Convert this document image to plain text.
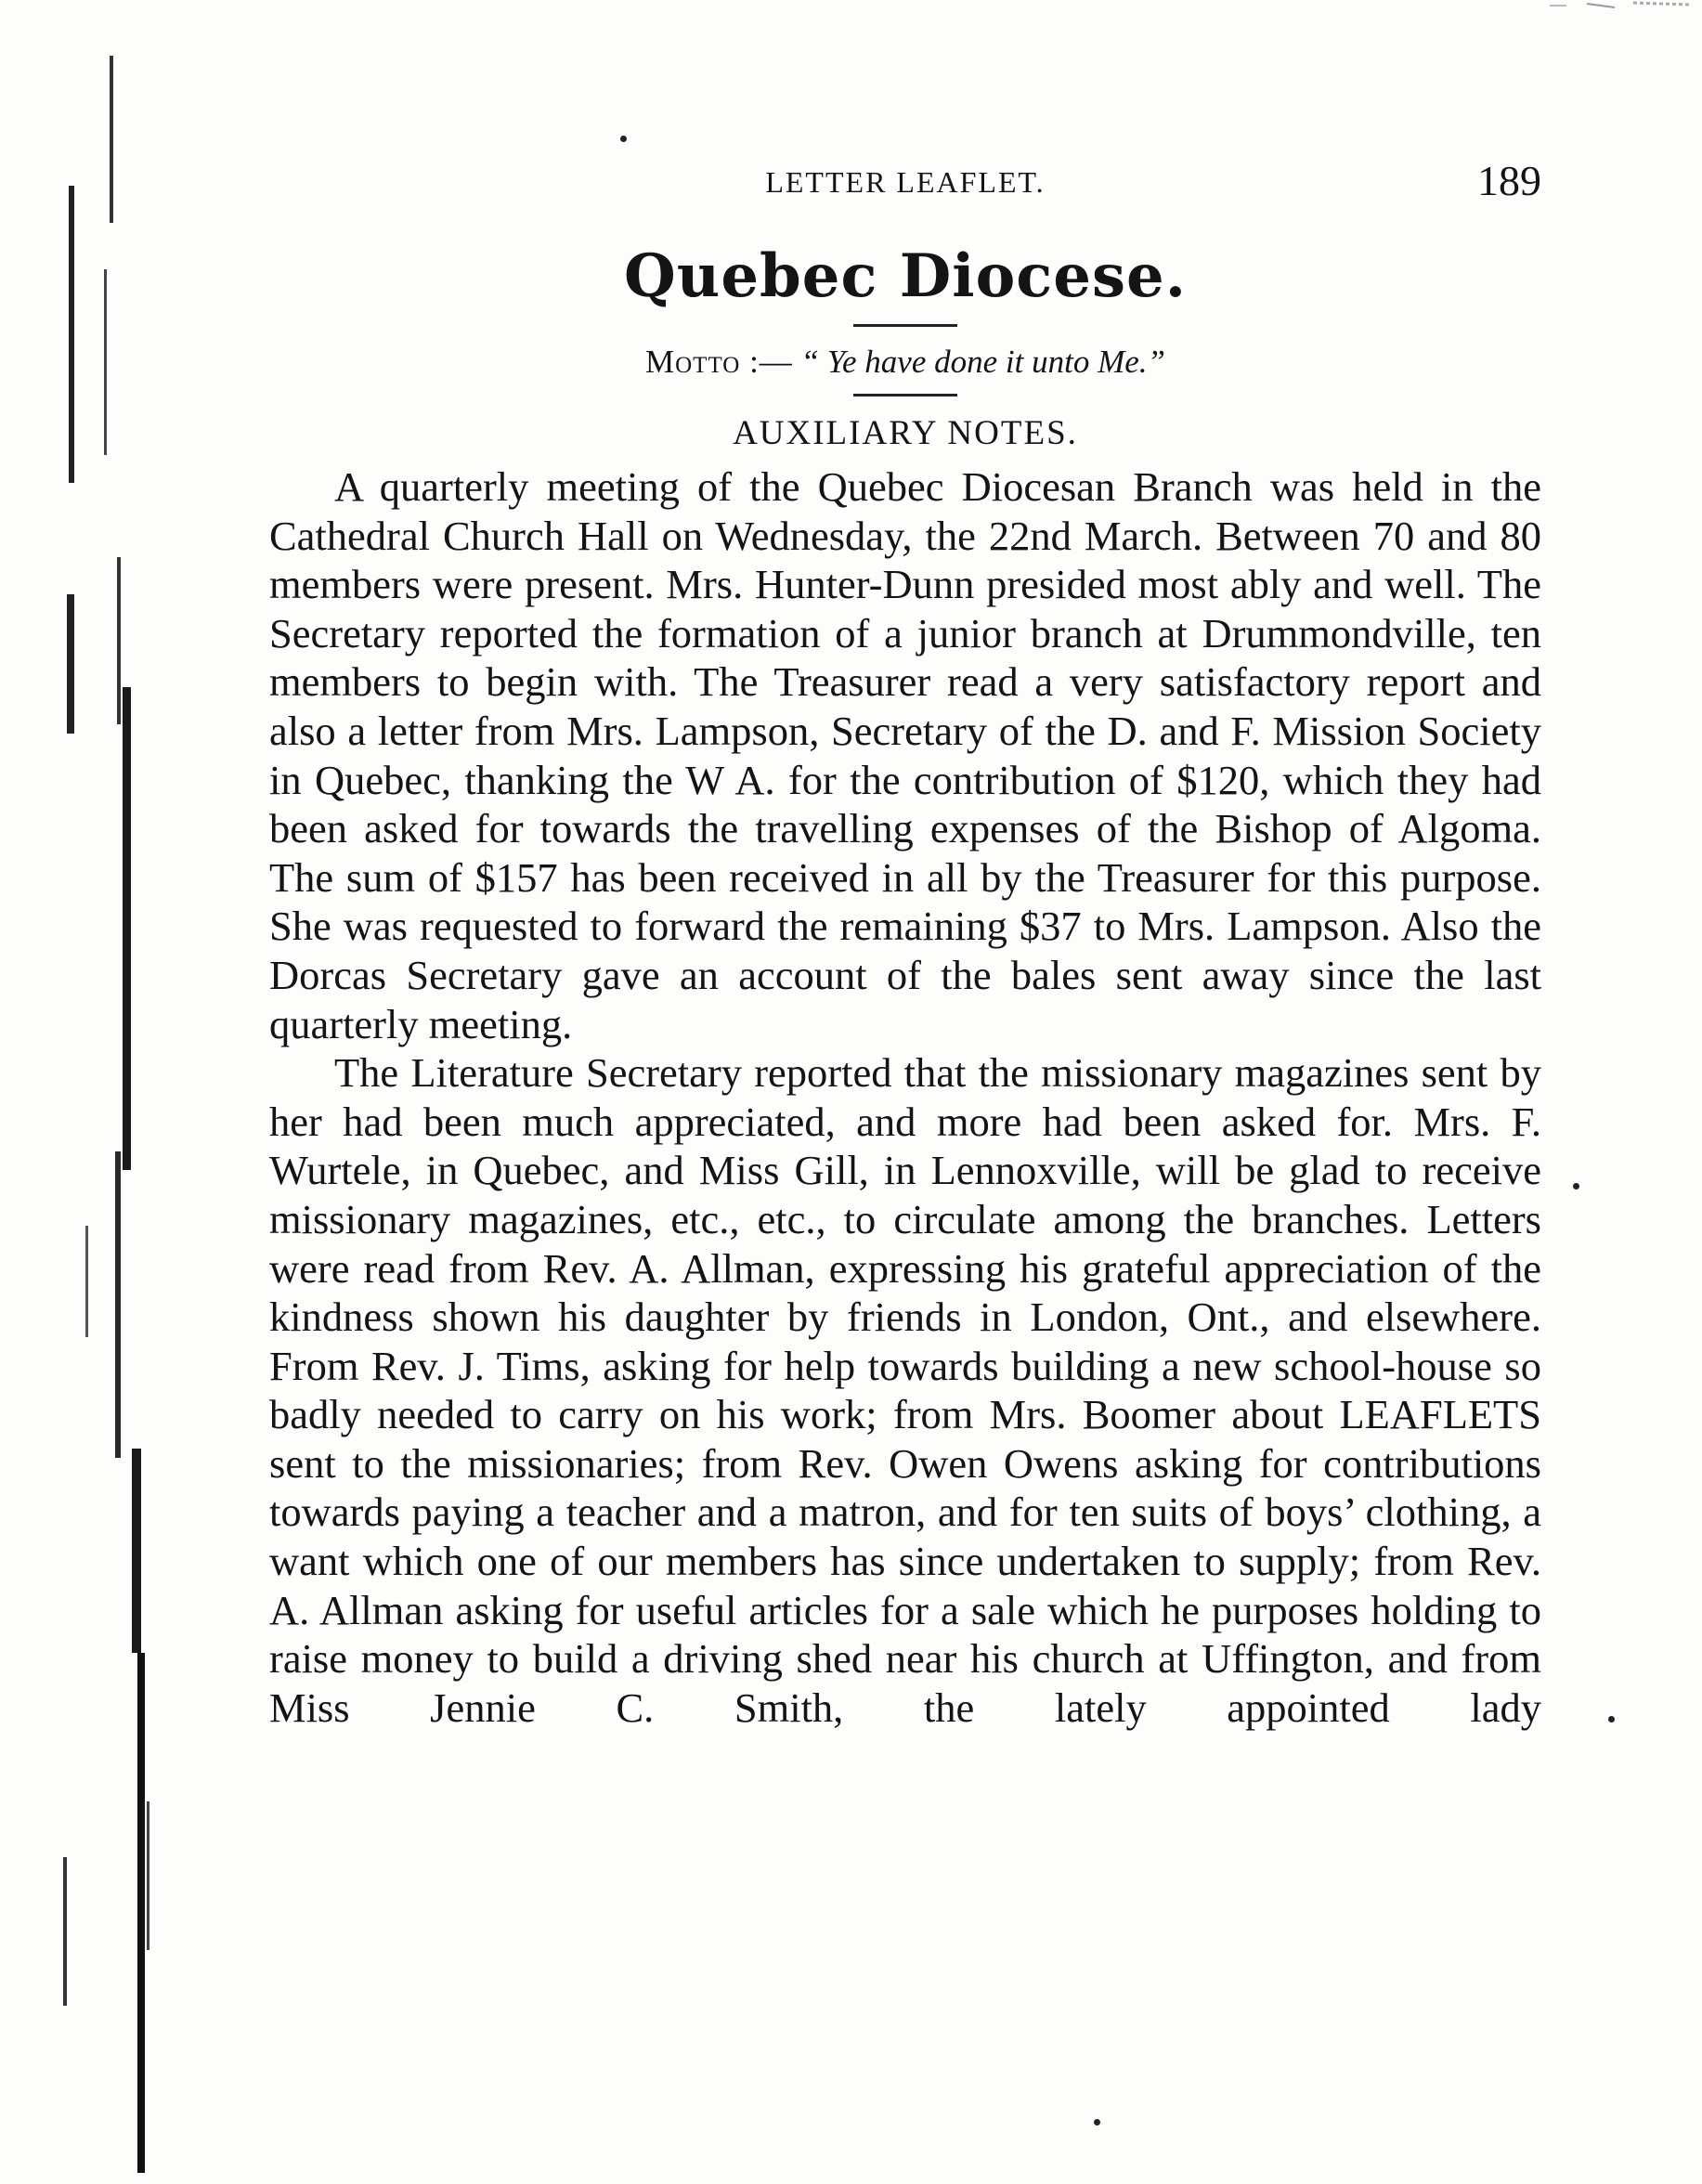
LETTER LEAFLET.	189
Quebec Diocese.
Motto :— “ Ye have done it unto Me.”
AUXILIARY NOTES.

A quarterly meeting of the Quebec Diocesan Branch was held in the Cathedral Church Hall on Wednesday, the 22nd March. Between 70 and 80 members were present. Mrs. Hunter-Dunn presided most ably and well. The Secretary reported the formation of a junior branch at Drummondville, ten members to begin with. The Treasurer read a very satisfactory report and also a letter from Mrs. Lampson, Secretary of the D. and F. Mission Society in Quebec, thanking the W A. for the contribution of $120, which they had been asked for towards the travelling expenses of the Bishop of Algoma. The sum of $157 has been received in all by the Treasurer for this purpose. She was requested to forward the remaining $37 to Mrs. Lampson. Also the Dorcas Secretary gave an account of the bales sent away since the last quarterly meeting.

The Literature Secretary reported that the missionary magazines sent by her had been much appreciated, and more had been asked for. Mrs. F. Wurtele, in Quebec, and Miss Gill, in Lennoxville, will be glad to receive missionary magazines, etc., etc., to circulate among the branches. Letters were read from Rev. A. Allman, expressing his grateful appreciation of the kindness shown his daughter by friends in London, Ont., and elsewhere. From Rev. J. Tims, asking for help towards building a new school-house so badly needed to carry on his work; from Mrs. Boomer about LEAFLETS sent to the missionaries; from Rev. Owen Owens asking for contributions towards paying a teacher and a matron, and for ten suits of boys’ clothing, a want which one of our members has since undertaken to supply; from Rev. A. Allman asking for useful articles for a sale which he purposes holding to raise money to build a driving shed near his church at Uffington, and from Miss Jennie C. Smith, the lately appointed lady
